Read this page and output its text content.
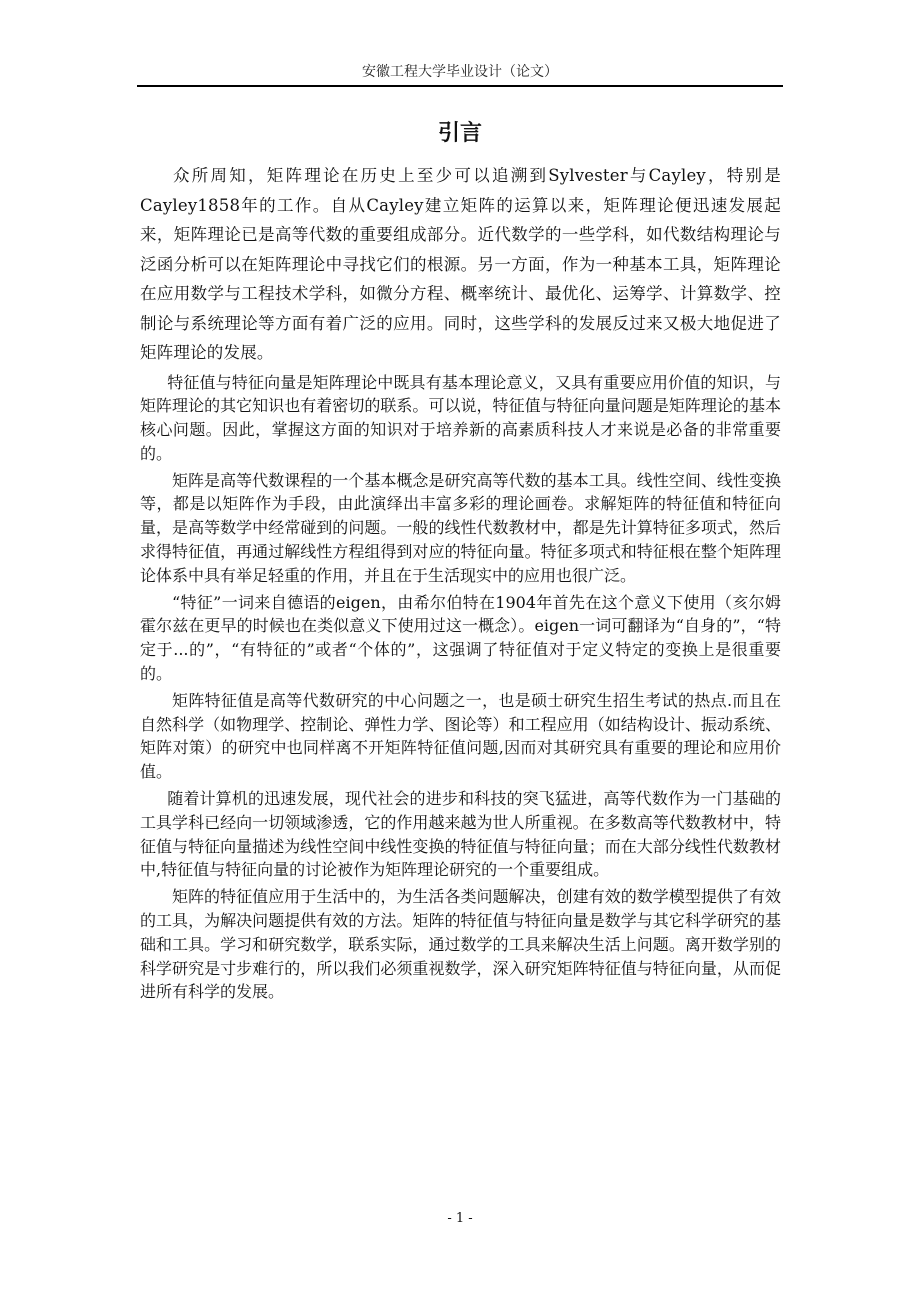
安徽工程大学毕业设计（论文）
引言

众所周知，矩阵理论在历史上至少可以追溯到Sylvester与Cayley，特别是Cayley1858年的工作。自从Cayley建立矩阵的运算以来，矩阵理论便迅速发展起来，矩阵理论已是高等代数的重要组成部分。近代数学的一些学科，如代数结构理论与泛函分析可以在矩阵理论中寻找它们的根源。另一方面，作为一种基本工具，矩阵理论在应用数学与工程技术学科，如微分方程、概率统计、最优化、运筹学、计算数学、控制论与系统理论等方面有着广泛的应用。同时，这些学科的发展反过来又极大地促进了矩阵理论的发展。

特征值与特征向量是矩阵理论中既具有基本理论意义，又具有重要应用价值的知识，与矩阵理论的其它知识也有着密切的联系。可以说，特征值与特征向量问题是矩阵理论的基本核心问题。因此，掌握这方面的知识对于培养新的高素质科技人才来说是必备的非常重要的。

矩阵是高等代数课程的一个基本概念是研究高等代数的基本工具。线性空间、线性变换等，都是以矩阵作为手段，由此演绎出丰富多彩的理论画卷。求解矩阵的特征值和特征向量，是高等数学中经常碰到的问题。一般的线性代数教材中，都是先计算特征多项式，然后求得特征值，再通过解线性方程组得到对应的特征向量。特征多项式和特征根在整个矩阵理论体系中具有举足轻重的作用，并且在于生活现实中的应用也很广泛。

“特征”一词来自德语的eigen，由希尔伯特在1904年首先在这个意义下使用（亥尔姆霍尔兹在更早的时候也在类似意义下使用过这一概念）。eigen一词可翻译为“自身的”，“特定于...的”，“有特征的”或者“个体的”，这强调了特征值对于定义特定的变换上是很重要的。

矩阵特征值是高等代数研究的中心问题之一，也是硕士研究生招生考试的热点.而且在自然科学（如物理学、控制论、弹性力学、图论等）和工程应用（如结构设计、振动系统、矩阵对策）的研究中也同样离不开矩阵特征值问题,因而对其研究具有重要的理论和应用价值。

随着计算机的迅速发展，现代社会的进步和科技的突飞猛进，高等代数作为一门基础的工具学科已经向一切领域渗透，它的作用越来越为世人所重视。在多数高等代数教材中，特征值与特征向量描述为线性空间中线性变换的特征值与特征向量；而在大部分线性代数教材中,特征值与特征向量的讨论被作为矩阵理论研究的一个重要组成。

矩阵的特征值应用于生活中的，为生活各类问题解决，创建有效的数学模型提供了有效的工具，为解决问题提供有效的方法。矩阵的特征值与特征向量是数学与其它科学研究的基础和工具。学习和研究数学，联系实际，通过数学的工具来解决生活上问题。离开数学别的科学研究是寸步难行的，所以我们必须重视数学，深入研究矩阵特征值与特征向量，从而促进所有科学的发展。

- 1 -
